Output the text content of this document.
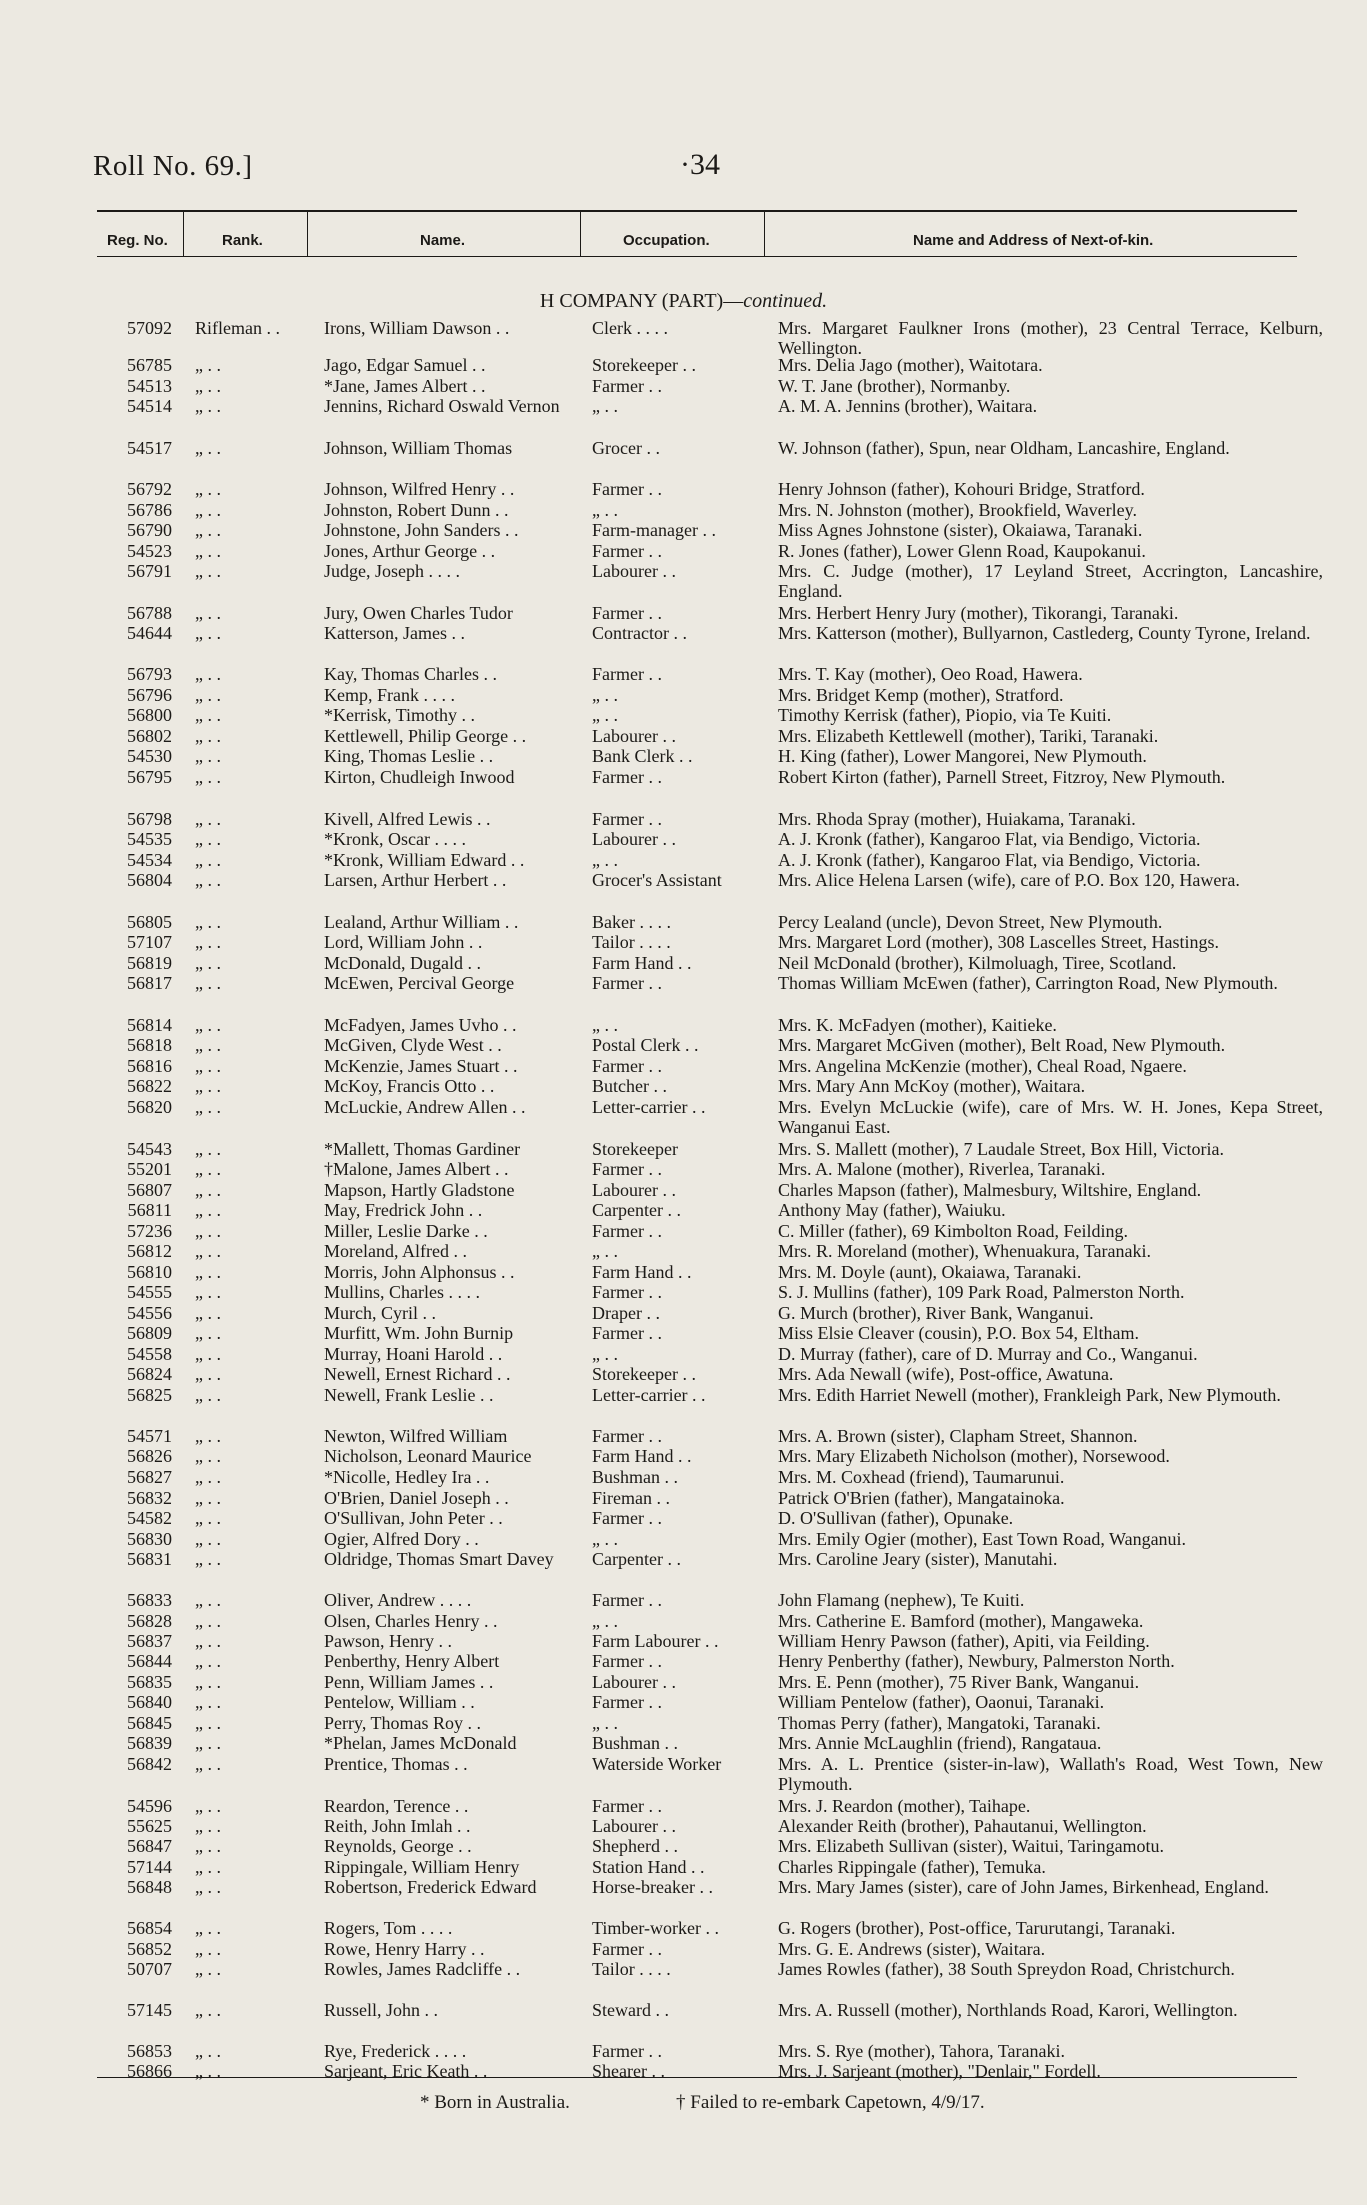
Roll No. 69.]	·34
Reg. No.	Rank.	Name.	Occupation.	Name and Address of Next-of-kin.
H COMPANY (PART)—continued.
57092 Rifleman . . Irons, William Dawson . .	Clerk . . . .	Mrs. Margaret Faulkner Irons (mother), 23 Central Terrace, Kelburn, Wellington.
56785 „ . .	Jago, Edgar Samuel . .	Storekeeper . .	Mrs. Delia Jago (mother), Waitotara.
54513 „ . .	*Jane, James Albert . .	Farmer . .	W. T. Jane (brother), Normanby.
54514 „ . .	Jennins, Richard Oswald Vernon	„ . .	A. M. A. Jennins (brother), Waitara.
54517 „ . .	Johnson, William Thomas	Grocer . .	W. Johnson (father), Spun, near Oldham, Lancashire, England.
56792 „ . .	Johnson, Wilfred Henry . .	Farmer . .	Henry Johnson (father), Kohouri Bridge, Stratford.
56786 „ . .	Johnston, Robert Dunn . .	„ . .	Mrs. N. Johnston (mother), Brookfield, Waverley.
56790 „ . .	Johnstone, John Sanders . .	Farm-manager . .	Miss Agnes Johnstone (sister), Okaiawa, Taranaki.
54523 „ . .	Jones, Arthur George . .	Farmer . .	R. Jones (father), Lower Glenn Road, Kaupokanui.
56791 „ . .	Judge, Joseph . . . .	Labourer . .	Mrs. C. Judge (mother), 17 Leyland Street, Accrington, Lancashire, England.
56788 „ . .	Jury, Owen Charles Tudor	Farmer . .	Mrs. Herbert Henry Jury (mother), Tikorangi, Taranaki.
54644 „ . .	Katterson, James . .	Contractor . .	Mrs. Katterson (mother), Bullyarnon, Castlederg, County Tyrone, Ireland.
56793 „ . .	Kay, Thomas Charles . .	Farmer . .	Mrs. T. Kay (mother), Oeo Road, Hawera.
56796 „ . .	Kemp, Frank . . . .	„ . .	Mrs. Bridget Kemp (mother), Stratford.
56800 „ . .	*Kerrisk, Timothy . .	„ . .	Timothy Kerrisk (father), Piopio, via Te Kuiti.
56802 „ . .	Kettlewell, Philip George . .	Labourer . .	Mrs. Elizabeth Kettlewell (mother), Tariki, Taranaki.
54530 „ . .	King, Thomas Leslie . .	Bank Clerk . .	H. King (father), Lower Mangorei, New Plymouth.
56795 „ . .	Kirton, Chudleigh Inwood	Farmer . .	Robert Kirton (father), Parnell Street, Fitzroy, New Plymouth.
56798 „ . .	Kivell, Alfred Lewis . .	Farmer . .	Mrs. Rhoda Spray (mother), Huiakama, Taranaki.
54535 „ . .	*Kronk, Oscar . . . .	Labourer . .	A. J. Kronk (father), Kangaroo Flat, via Bendigo, Victoria.
54534 „ . .	*Kronk, William Edward . .	„ . .	A. J. Kronk (father), Kangaroo Flat, via Bendigo, Victoria.
56804 „ . .	Larsen, Arthur Herbert . .	Grocer's Assistant	Mrs. Alice Helena Larsen (wife), care of P.O. Box 120, Hawera.
56805 „ . .	Lealand, Arthur William . .	Baker . . . .	Percy Lealand (uncle), Devon Street, New Plymouth.
57107 „ . .	Lord, William John . .	Tailor . . . .	Mrs. Margaret Lord (mother), 308 Lascelles Street, Hastings.
56819 „ . .	McDonald, Dugald . .	Farm Hand . .	Neil McDonald (brother), Kilmoluagh, Tiree, Scotland.
56817 „ . .	McEwen, Percival George	Farmer . .	Thomas William McEwen (father), Carrington Road, New Plymouth.
56814 „ . .	McFadyen, James Uvho . .	„ . .	Mrs. K. McFadyen (mother), Kaitieke.
56818 „ . .	McGiven, Clyde West . .	Postal Clerk . .	Mrs. Margaret McGiven (mother), Belt Road, New Plymouth.
56816 „ . .	McKenzie, James Stuart . .	Farmer . .	Mrs. Angelina McKenzie (mother), Cheal Road, Ngaere.
56822 „ . .	McKoy, Francis Otto . .	Butcher . .	Mrs. Mary Ann McKoy (mother), Waitara.
56820 „ . .	McLuckie, Andrew Allen . .	Letter-carrier . .	Mrs. Evelyn McLuckie (wife), care of Mrs. W. H. Jones, Kepa Street, Wanganui East.
54543 „ . .	*Mallett, Thomas Gardiner	Storekeeper	Mrs. S. Mallett (mother), 7 Laudale Street, Box Hill, Victoria.
55201 „ . .	†Malone, James Albert . .	Farmer . .	Mrs. A. Malone (mother), Riverlea, Taranaki.
56807 „ . .	Mapson, Hartly Gladstone	Labourer . .	Charles Mapson (father), Malmesbury, Wiltshire, England.
56811 „ . .	May, Fredrick John . .	Carpenter . .	Anthony May (father), Waiuku.
57236 „ . .	Miller, Leslie Darke . .	Farmer . .	C. Miller (father), 69 Kimbolton Road, Feilding.
56812 „ . .	Moreland, Alfred . .	„ . .	Mrs. R. Moreland (mother), Whenuakura, Taranaki.
56810 „ . .	Morris, John Alphonsus . .	Farm Hand . .	Mrs. M. Doyle (aunt), Okaiawa, Taranaki.
54555 „ . .	Mullins, Charles . . . .	Farmer . .	S. J. Mullins (father), 109 Park Road, Palmerston North.
54556 „ . .	Murch, Cyril . .	Draper . .	G. Murch (brother), River Bank, Wanganui.
56809 „ . .	Murfitt, Wm. John Burnip	Farmer . .	Miss Elsie Cleaver (cousin), P.O. Box 54, Eltham.
54558 „ . .	Murray, Hoani Harold . .	„ . .	D. Murray (father), care of D. Murray and Co., Wanganui.
56824 „ . .	Newell, Ernest Richard . .	Storekeeper . .	Mrs. Ada Newall (wife), Post-office, Awatuna.
56825 „ . .	Newell, Frank Leslie . .	Letter-carrier . .	Mrs. Edith Harriet Newell (mother), Frankleigh Park, New Plymouth.
54571 „ . .	Newton, Wilfred William	Farmer . .	Mrs. A. Brown (sister), Clapham Street, Shannon.
56826 „ . .	Nicholson, Leonard Maurice	Farm Hand . .	Mrs. Mary Elizabeth Nicholson (mother), Norsewood.
56827 „ . .	*Nicolle, Hedley Ira . .	Bushman . .	Mrs. M. Coxhead (friend), Taumarunui.
56832 „ . .	O'Brien, Daniel Joseph . .	Fireman . .	Patrick O'Brien (father), Mangatainoka.
54582 „ . .	O'Sullivan, John Peter . .	Farmer . .	D. O'Sullivan (father), Opunake.
56830 „ . .	Ogier, Alfred Dory . .	„ . .	Mrs. Emily Ogier (mother), East Town Road, Wanganui.
56831 „ . .	Oldridge, Thomas Smart Davey	Carpenter . .	Mrs. Caroline Jeary (sister), Manutahi.
56833 „ . .	Oliver, Andrew . . . .	Farmer . .	John Flamang (nephew), Te Kuiti.
56828 „ . .	Olsen, Charles Henry . .	„ . .	Mrs. Catherine E. Bamford (mother), Mangaweka.
56837 „ . .	Pawson, Henry . .	Farm Labourer . .	William Henry Pawson (father), Apiti, via Feilding.
56844 „ . .	Penberthy, Henry Albert	Farmer . .	Henry Penberthy (father), Newbury, Palmerston North.
56835 „ . .	Penn, William James . .	Labourer . .	Mrs. E. Penn (mother), 75 River Bank, Wanganui.
56840 „ . .	Pentelow, William . .	Farmer . .	William Pentelow (father), Oaonui, Taranaki.
56845 „ . .	Perry, Thomas Roy . .	„ . .	Thomas Perry (father), Mangatoki, Taranaki.
56839 „ . .	*Phelan, James McDonald	Bushman . .	Mrs. Annie McLaughlin (friend), Rangataua.
56842 „ . .	Prentice, Thomas . .	Waterside Worker	Mrs. A. L. Prentice (sister-in-law), Wallath's Road, West Town, New Plymouth.
54596 „ . .	Reardon, Terence . .	Farmer . .	Mrs. J. Reardon (mother), Taihape.
55625 „ . .	Reith, John Imlah . .	Labourer . .	Alexander Reith (brother), Pahautanui, Wellington.
56847 „ . .	Reynolds, George . .	Shepherd . .	Mrs. Elizabeth Sullivan (sister), Waitui, Taringamotu.
57144 „ . .	Rippingale, William Henry	Station Hand . .	Charles Rippingale (father), Temuka.
56848 „ . .	Robertson, Frederick Edward	Horse-breaker . .	Mrs. Mary James (sister), care of John James, Birkenhead, England.
56854 „ . .	Rogers, Tom . . . .	Timber-worker . .	G. Rogers (brother), Post-office, Tarurutangi, Taranaki.
56852 „ . .	Rowe, Henry Harry . .	Farmer . .	Mrs. G. E. Andrews (sister), Waitara.
50707 „ . .	Rowles, James Radcliffe . .	Tailor . . . .	James Rowles (father), 38 South Spreydon Road, Christchurch.
57145 „ . .	Russell, John . .	Steward . .	Mrs. A. Russell (mother), Northlands Road, Karori, Wellington.
56853 „ . .	Rye, Frederick . . . .	Farmer . .	Mrs. S. Rye (mother), Tahora, Taranaki.
56866 „ . .	Sarjeant, Eric Keath . .	Shearer . .	Mrs. J. Sarjeant (mother), "Denlair," Fordell.
* Born in Australia.	† Failed to re-embark Capetown, 4/9/17.
